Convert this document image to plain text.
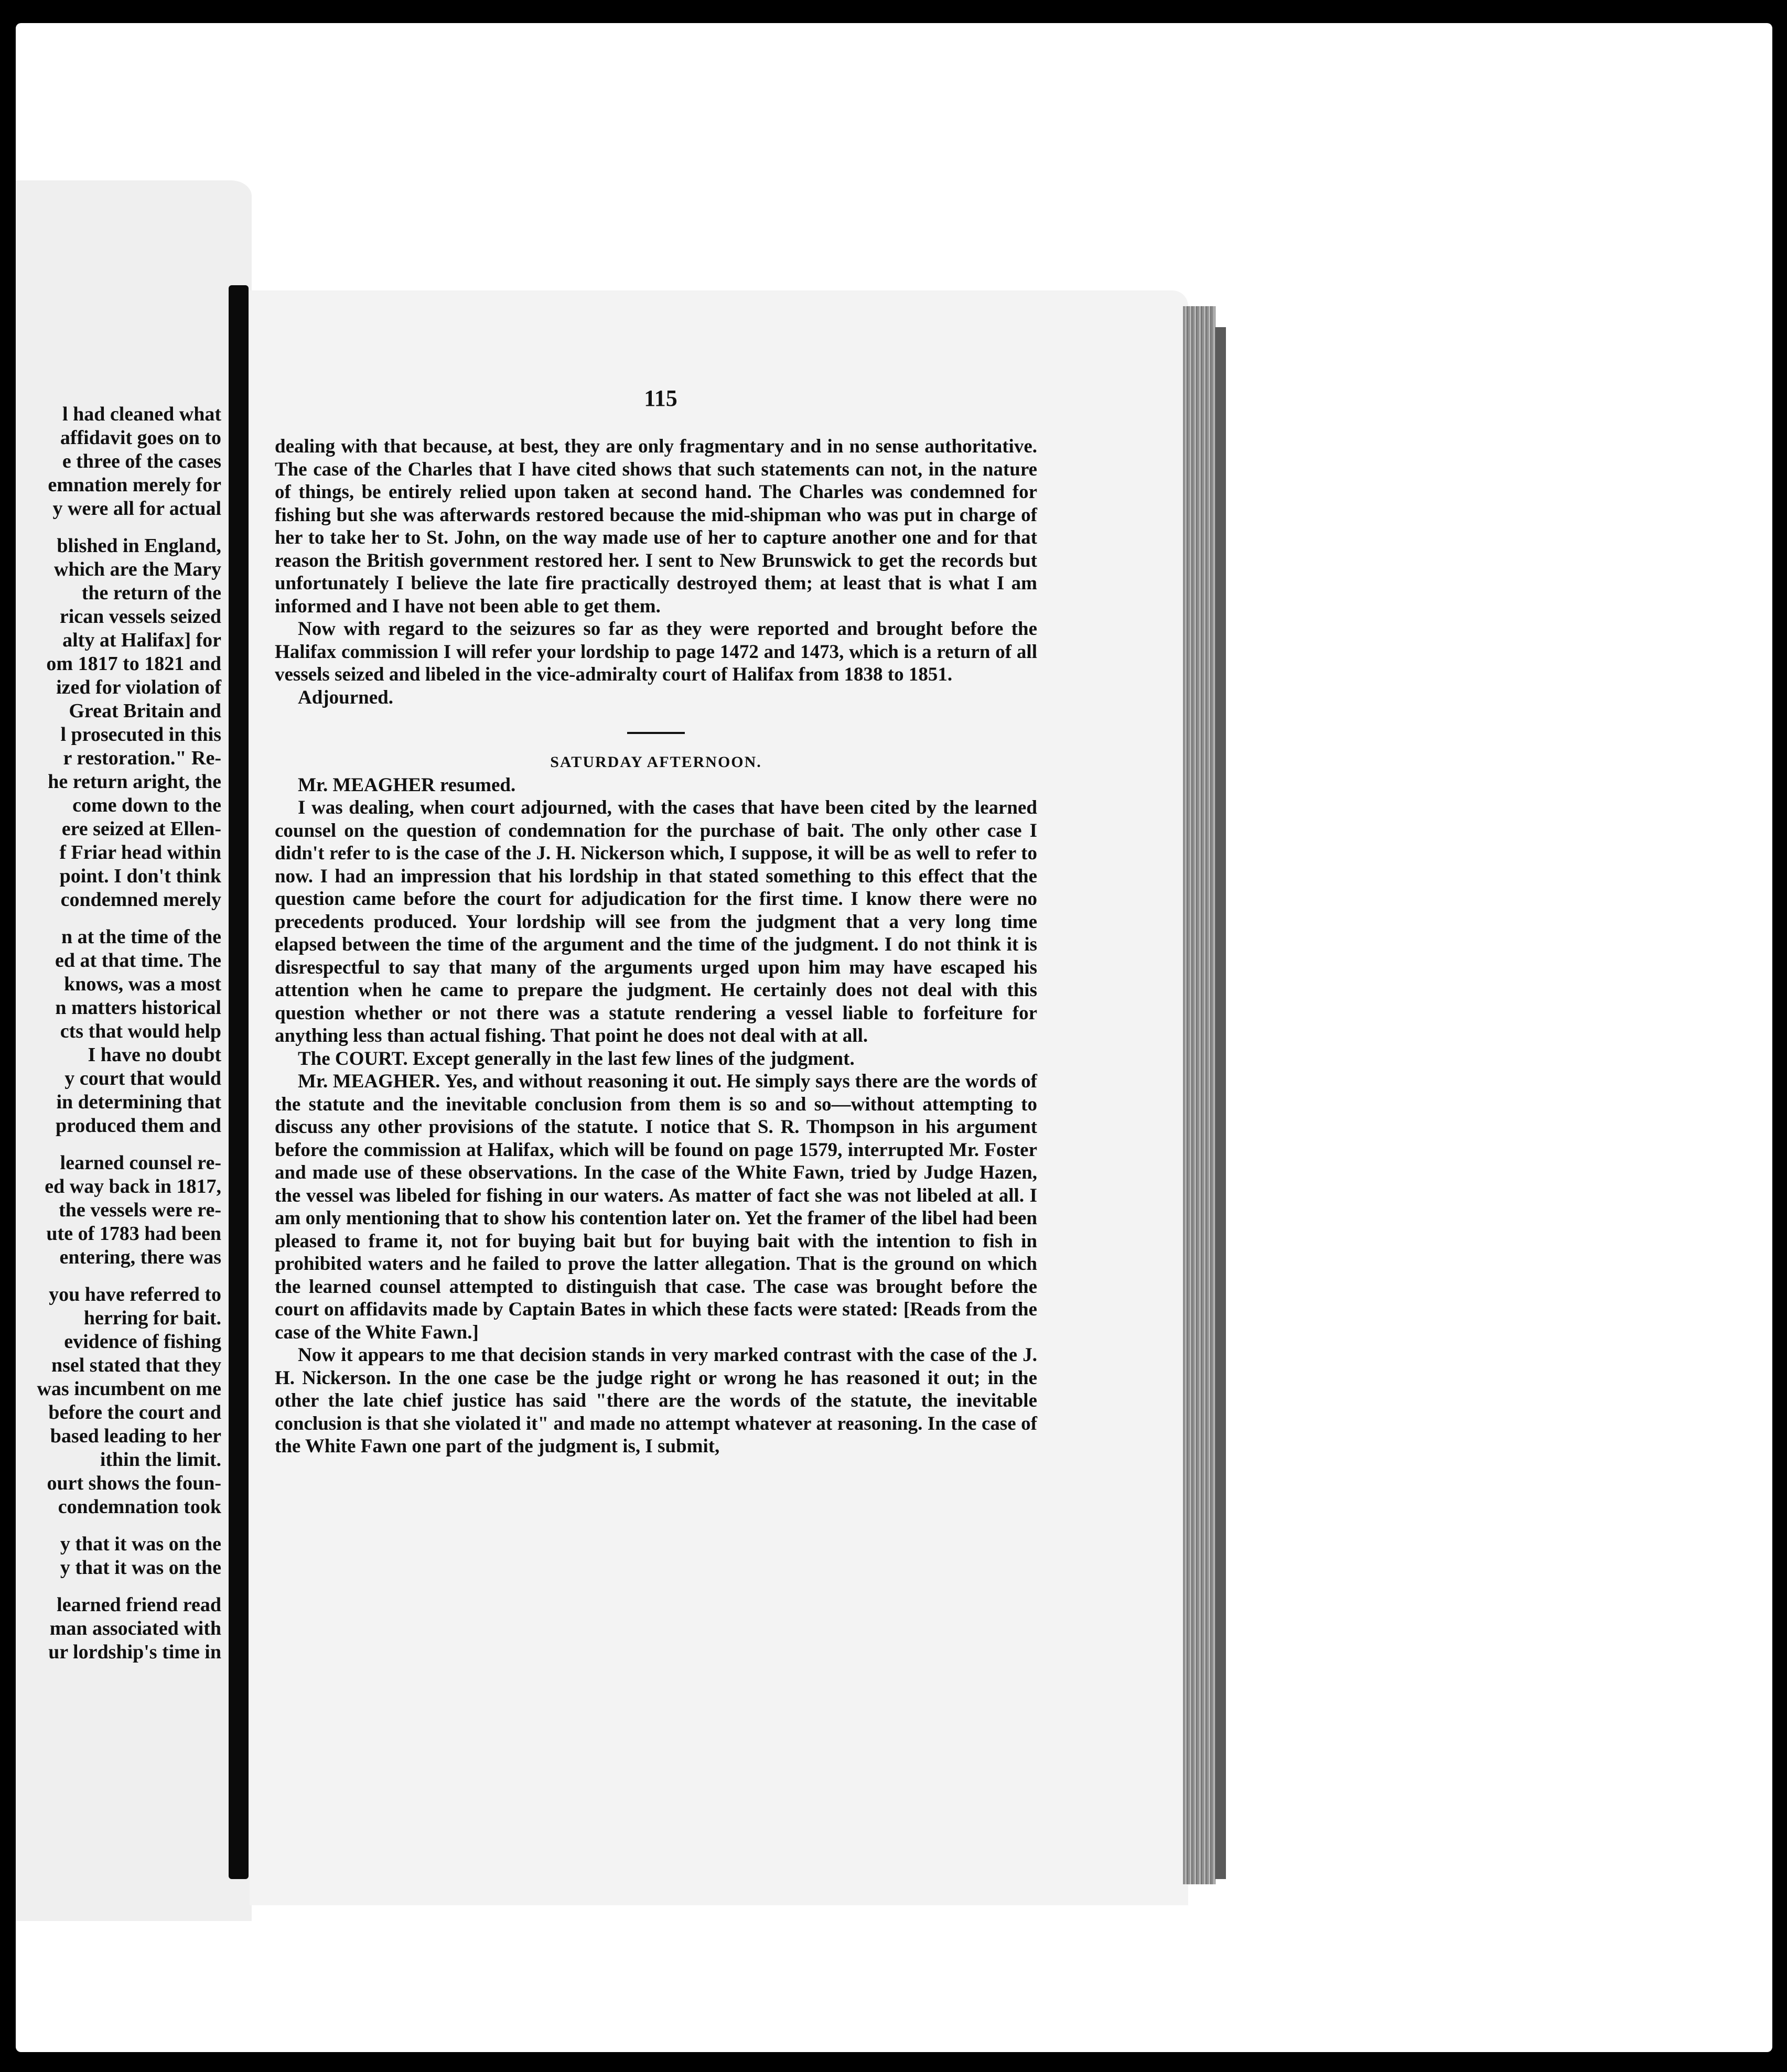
l had cleaned what
affidavit goes on to
e three of the cases
emnation merely for
y were all for actual
blished in England,
which are the Mary
the return of the
rican vessels seized
alty at Halifax] for
om 1817 to 1821 and
ized for violation of
Great Britain and
l prosecuted in this
r restoration." Re-
he return aright, the
come down to the
ere seized at Ellen-
f Friar head within
point. I don't think
condemned merely
n at the time of the
ed at that time. The
knows, was a most
n matters historical
cts that would help
I have no doubt
y court that would
in determining that
produced them and
learned counsel re-
ed way back in 1817,
the vessels were re-
ute of 1783 had been
entering, there was
you have referred to
herring for bait.
evidence of fishing
nsel stated that they
was incumbent on me
before the court and
based leading to her
ithin the limit.
ourt shows the foun-
condemnation took
y that it was on the
y that it was on the
learned friend read
man associated with
ur lordship's time in
115

dealing with that because, at best, they are only fragmentary and in no sense authoritative. The case of the Charles that I have cited shows that such statements can not, in the nature of things, be entirely relied upon taken at second hand. The Charles was condemned for fishing but she was afterwards restored because the mid-shipman who was put in charge of her to take her to St. John, on the way made use of her to capture another one and for that reason the British government restored her. I sent to New Brunswick to get the records but unfortunately I believe the late fire practically destroyed them; at least that is what I am informed and I have not been able to get them.

Now with regard to the seizures so far as they were reported and brought before the Halifax commission I will refer your lordship to page 1472 and 1473, which is a return of all vessels seized and libeled in the vice-admiralty court of Halifax from 1838 to 1851.

Adjourned.

SATURDAY AFTERNOON.

Mr. MEAGHER resumed.

I was dealing, when court adjourned, with the cases that have been cited by the learned counsel on the question of condemnation for the purchase of bait. The only other case I didn't refer to is the case of the J. H. Nickerson which, I suppose, it will be as well to refer to now. I had an impression that his lordship in that stated something to this effect that the question came before the court for adjudication for the first time. I know there were no precedents produced. Your lordship will see from the judgment that a very long time elapsed between the time of the argument and the time of the judgment. I do not think it is disrespectful to say that many of the arguments urged upon him may have escaped his attention when he came to prepare the judgment. He certainly does not deal with this question whether or not there was a statute rendering a vessel liable to forfeiture for anything less than actual fishing. That point he does not deal with at all.

The COURT. Except generally in the last few lines of the judgment.

Mr. MEAGHER. Yes, and without reasoning it out. He simply says there are the words of the statute and the inevitable conclusion from them is so and so—without attempting to discuss any other provisions of the statute. I notice that S. R. Thompson in his argument before the commission at Halifax, which will be found on page 1579, interrupted Mr. Foster and made use of these observations. In the case of the White Fawn, tried by Judge Hazen, the vessel was libeled for fishing in our waters. As matter of fact she was not libeled at all. I am only mentioning that to show his contention later on. Yet the framer of the libel had been pleased to frame it, not for buying bait but for buying bait with the intention to fish in prohibited waters and he failed to prove the latter allegation. That is the ground on which the learned counsel attempted to distinguish that case. The case was brought before the court on affidavits made by Captain Bates in which these facts were stated: [Reads from the case of the White Fawn.]

Now it appears to me that decision stands in very marked contrast with the case of the J. H. Nickerson. In the one case be the judge right or wrong he has reasoned it out; in the other the late chief justice has said "there are the words of the statute, the inevitable conclusion is that she violated it" and made no attempt whatever at reasoning. In the case of the White Fawn one part of the judgment is, I submit,
